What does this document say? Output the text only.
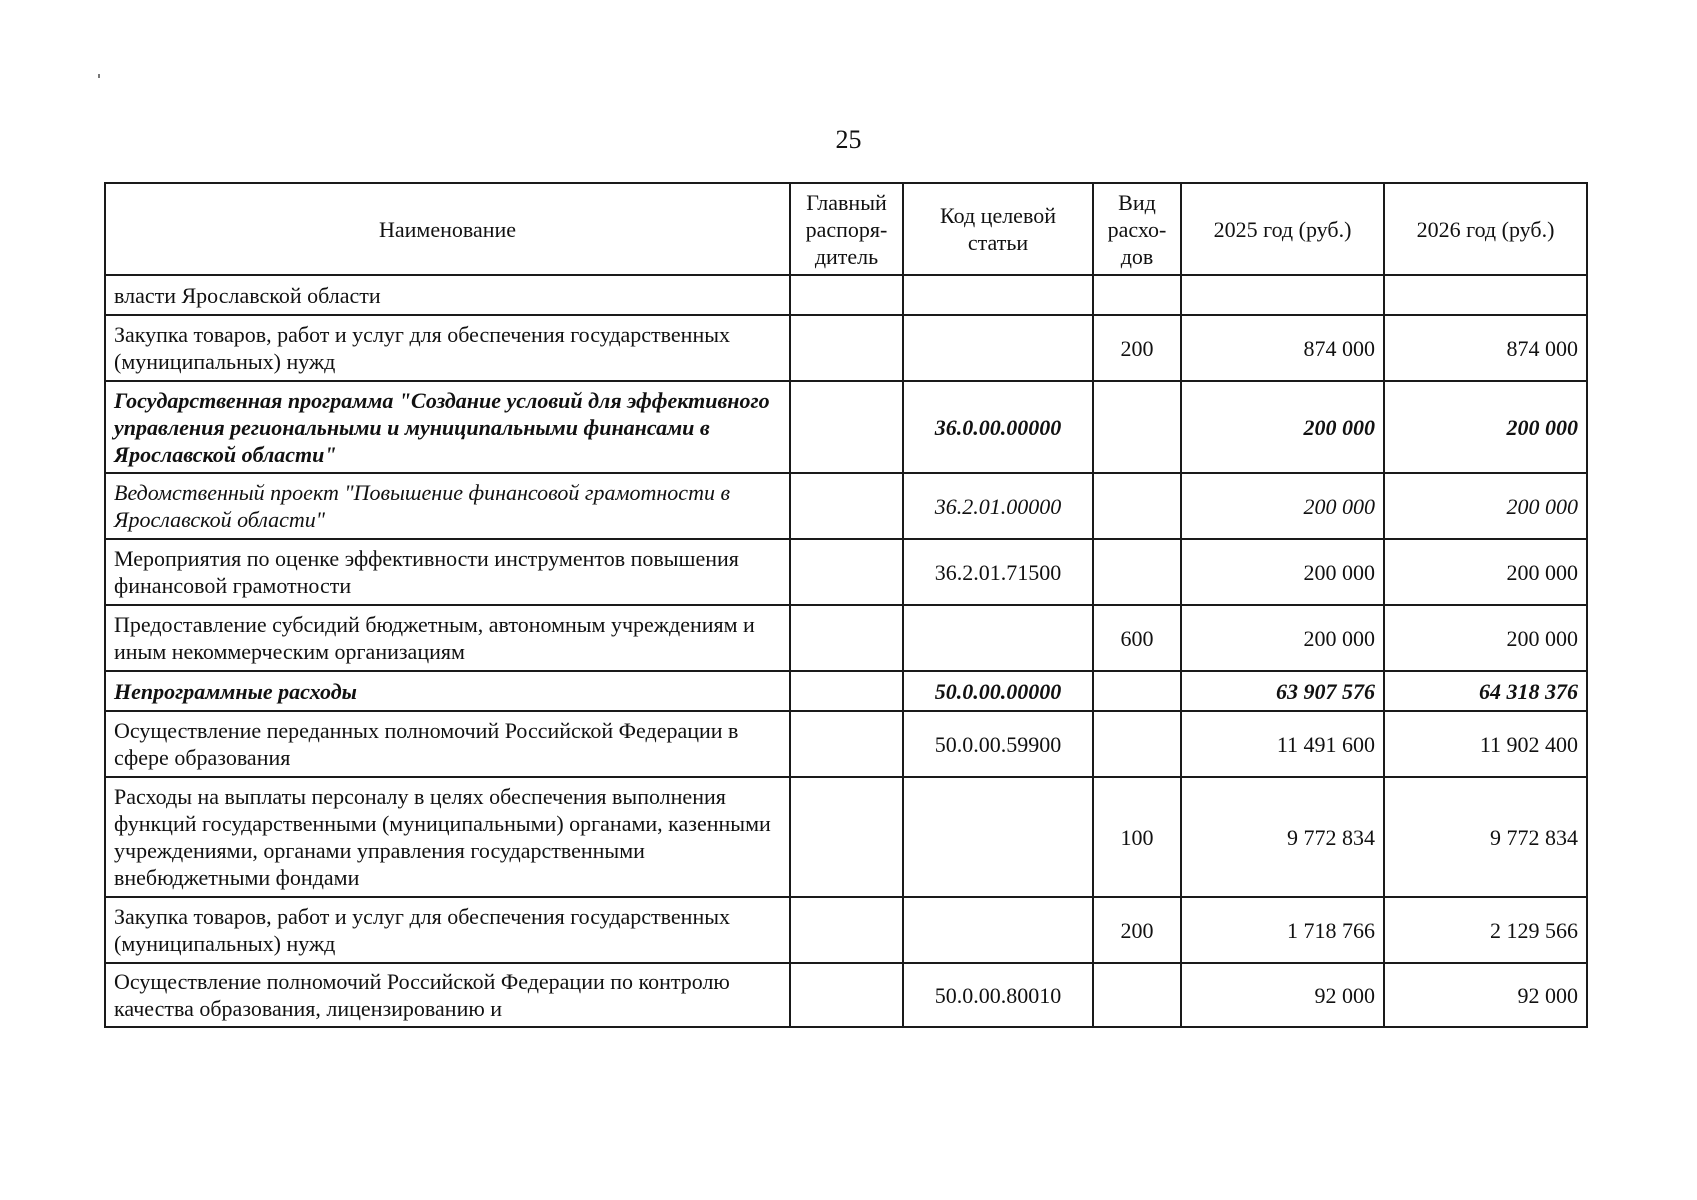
25
Наименование	Главный распоря-дитель	Код целевой статьи	Вид расхо-дов	2025 год (руб.)	2026 год (руб.)
власти Ярославской области					
Закупка товаров, работ и услуг для обеспечения государственных (муниципальных) нужд			200	874 000	874 000
Государственная программа "Создание условий для эффективного управления региональными и муниципальными финансами в Ярославской области"		36.0.00.00000		200 000	200 000
Ведомственный проект "Повышение финансовой грамотности в Ярославской области"		36.2.01.00000		200 000	200 000
Мероприятия по оценке эффективности инструментов повышения финансовой грамотности		36.2.01.71500		200 000	200 000
Предоставление субсидий бюджетным, автономным учреждениям и иным некоммерческим организациям			600	200 000	200 000
Непрограммные расходы		50.0.00.00000		63 907 576	64 318 376
Осуществление переданных полномочий Российской Федерации в сфере образования		50.0.00.59900		11 491 600	11 902 400
Расходы на выплаты персоналу в целях обеспечения выполнения функций государственными (муниципальными) органами, казенными учреждениями, органами управления государственными внебюджетными фондами			100	9 772 834	9 772 834
Закупка товаров, работ и услуг для обеспечения государственных (муниципальных) нужд			200	1 718 766	2 129 566
Осуществление полномочий Российской Федерации по контролю качества образования, лицензированию и		50.0.00.80010		92 000	92 000
